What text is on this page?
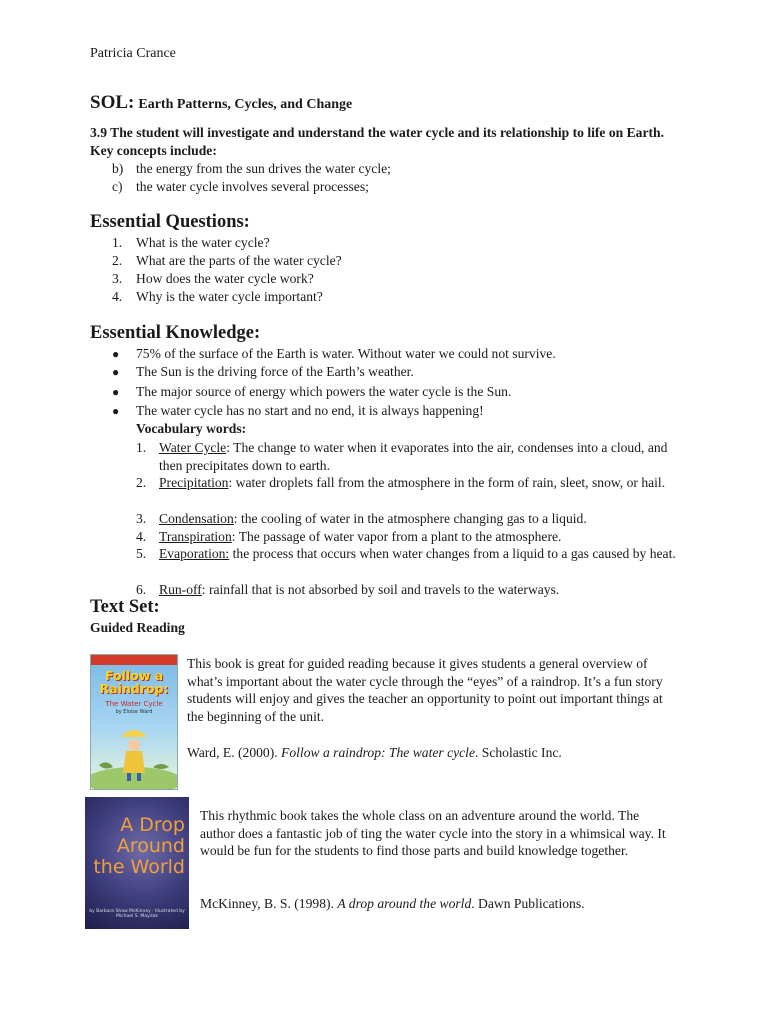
Patricia Crance
SOL: Earth Patterns, Cycles, and Change
3.9 The student will investigate and understand the water cycle and its relationship to life on Earth. Key concepts include:
b) the energy from the sun drives the water cycle;
c) the water cycle involves several processes;
Essential Questions:
1. What is the water cycle?
2. What are the parts of the water cycle?
3. How does the water cycle work?
4. Why is the water cycle important?
Essential Knowledge:
● 75% of the surface of the Earth is water. Without water we could not survive.
● The Sun is the driving force of the Earth’s weather.
● The major source of energy which powers the water cycle is the Sun.
● The water cycle has no start and no end, it is always happening!
Vocabulary words:
1. Water Cycle: The change to water when it evaporates into the air, condenses into a cloud, and then precipitates down to earth.
2. Precipitation: water droplets fall from the atmosphere in the form of rain, sleet, snow, or hail.
3. Condensation: the cooling of water in the atmosphere changing gas to a liquid.
4. Transpiration: The passage of water vapor from a plant to the atmosphere.
5. Evaporation: the process that occurs when water changes from a liquid to a gas caused by heat.
6. Run-off: rainfall that is not absorbed by soil and travels to the waterways.
Text Set:
Guided Reading
Follow a Raindrop:
The Water Cycle
by Eloise Ward
This book is great for guided reading because it gives students a general overview of what’s important about the water cycle through the “eyes” of a raindrop. It’s a fun story students will enjoy and gives the teacher an opportunity to point out important things at the beginning of the unit.
Ward, E. (2000). Follow a raindrop: The water cycle. Scholastic Inc.
A Drop Around the World
by Barbara Shaw McKinney · Illustrated by Michael S. Maydak
This rhythmic book takes the whole class on an adventure around the world. The author does a fantastic job of ting the water cycle into the story in a whimsical way. It would be fun for the students to find those parts and build knowledge together.
McKinney, B. S. (1998). A drop around the world. Dawn Publications.
